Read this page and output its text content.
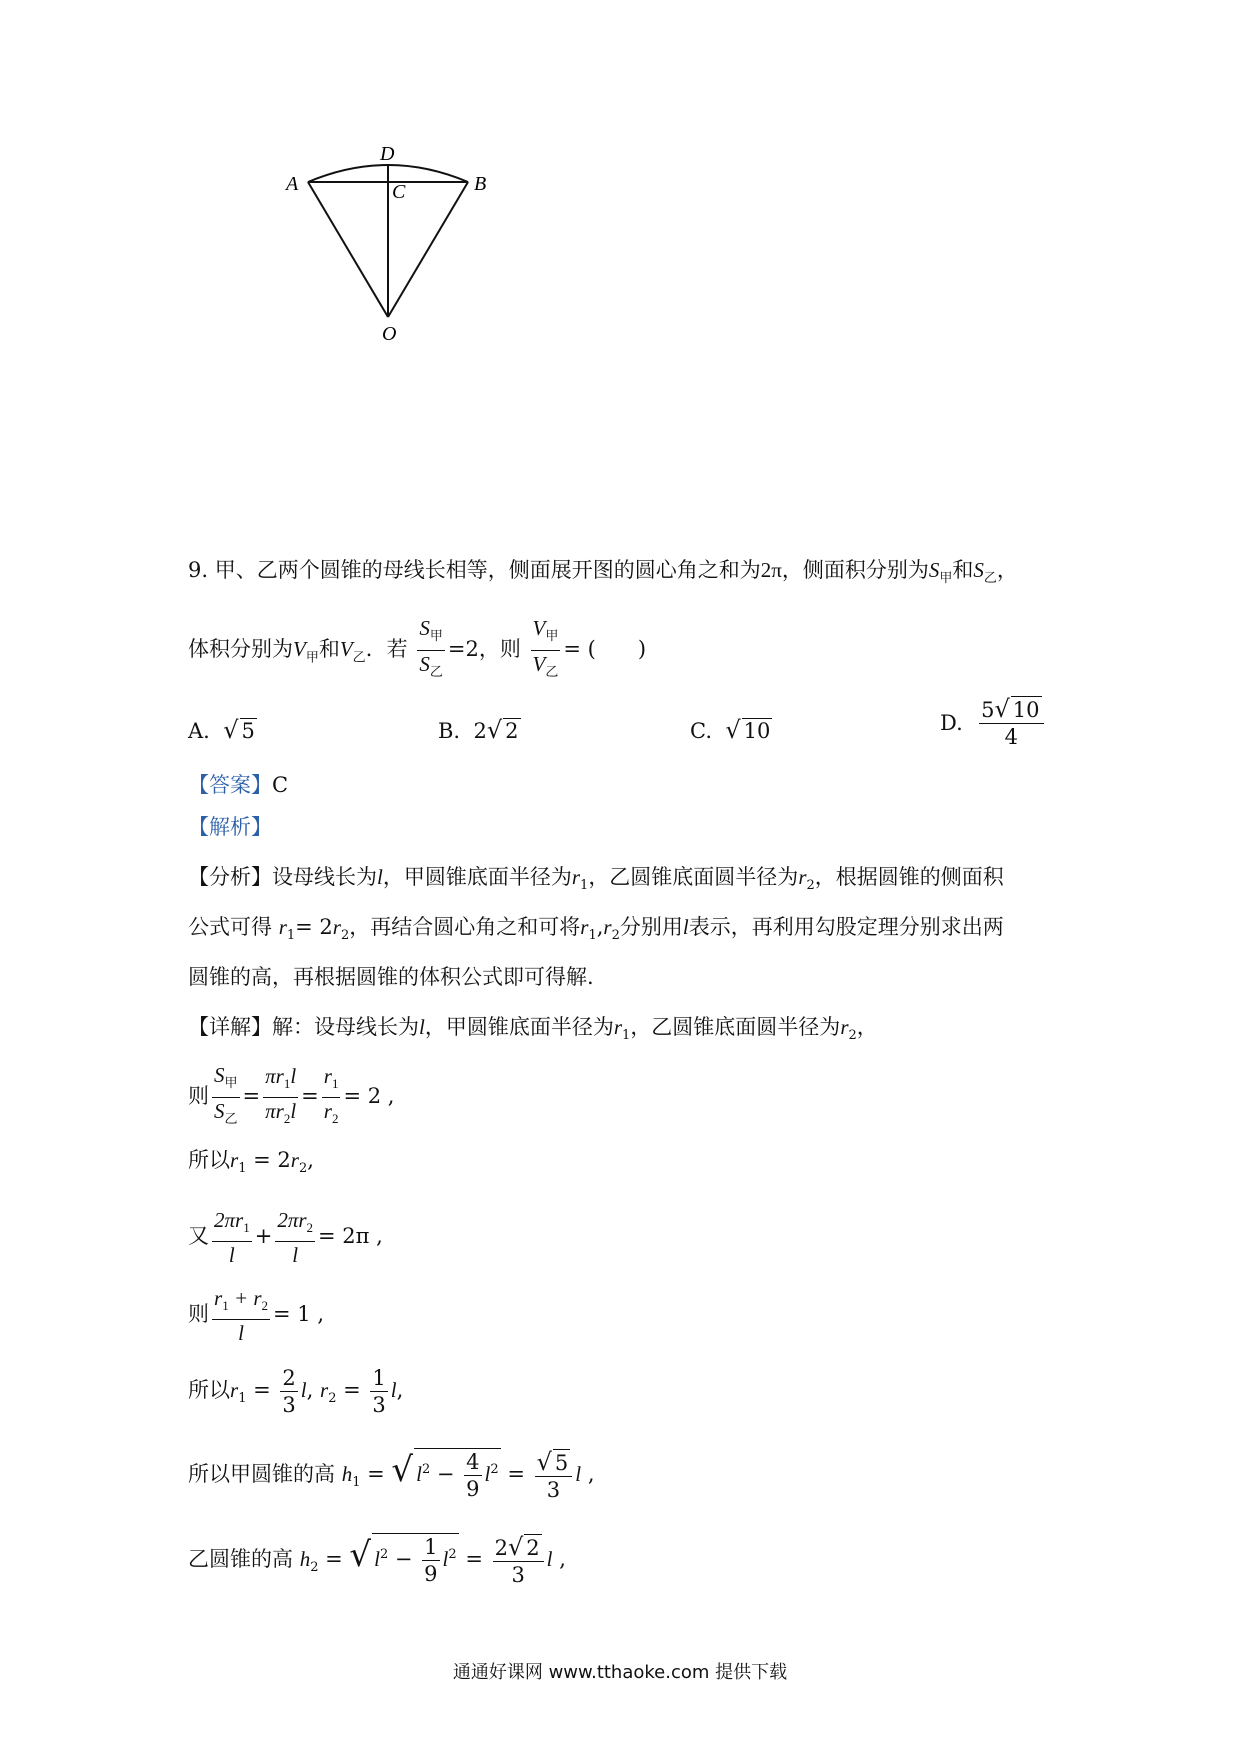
A	B
C
D
O
9. 甲、乙两个圆锥的母线长相等，侧面展开图的圆心角之和为2π，侧面积分别为$S_甲$和$S_乙$，
体积分别为$V_甲$和$V_乙$．若 $\frac{S_甲}{S_乙} =2$，则 $\frac{V_甲}{V_乙}$ = (　　)
A. √ 5	B. 2√ 2	C. √ 10	D. $\frac{5√ 10}{4}$
【答案】C
【解析】
【分析】设母线长为l，甲圆锥底面半径为$r_1$，乙圆锥底面圆半径为$r_2$，根据圆锥的侧面积
公式可得 $r_1= 2r_2$，再结合圆心角之和可将$r_1,r_2$分别用l表示，再利用勾股定理分别求出两
圆锥的高，再根据圆锥的体积公式即可得解.
【详解】解：设母线长为l，甲圆锥底面半径为$r_1$，乙圆锥底面圆半径为$r_2$，
则 $\frac{S_甲}{S_乙} = \frac{\pi r_1l}{\pi r_2l} = \frac{r_1}{r_2} = 2$ ,
所以$r_1 = 2r_2$,
又 $\frac{2\pi r_1}{l} + \frac{2\pi r_2}{l} = 2\pi$ ,
则 $\frac{r_1 + r_2}{l} = 1$ ,
所以$r_1 = \frac{2}{3} l$, $r_2 = \frac{1}{3} l$,
所以甲圆锥的高 $h_1$ = √ $l^2 - \frac{4}{9} l^2 = \frac{√ 5}{3}$ l ,
乙圆锥的高 $h_2$ = √ $l^2 - \frac{1}{9} l^2 = \frac{2√ 2}{3}$ l ,
通通好课网 www.tthaoke.com 提供下载
